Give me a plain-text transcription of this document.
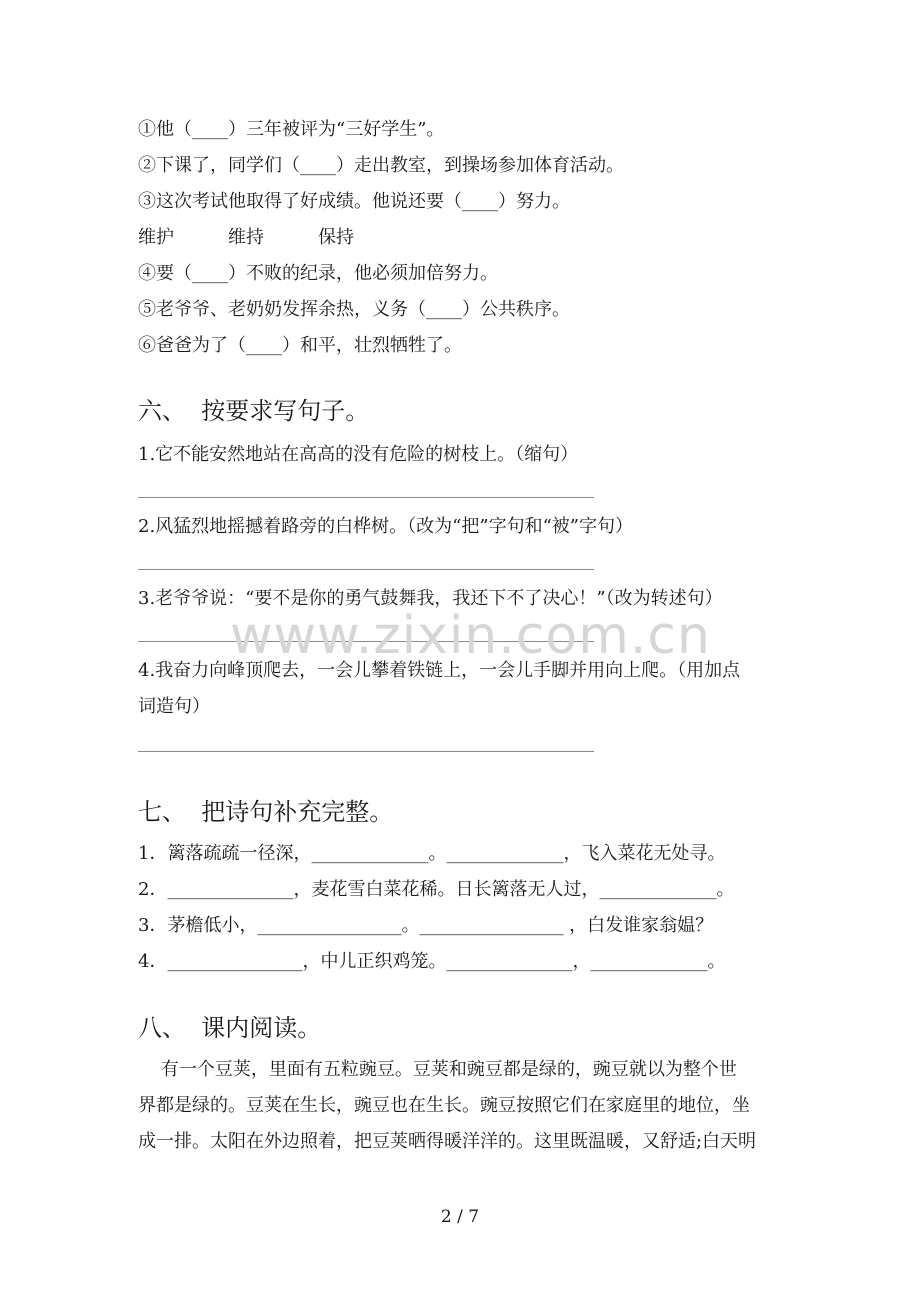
①他（____）三年被评为“三好学生”。
②下课了，同学们（____）走出教室，到操场参加体育活动。
③这次考试他取得了好成绩。他说还要（____）努力。
维护　　　维持　　　保持
④要（____）不败的纪录，他必须加倍努力。
⑤老爷爷、老奶奶发挥余热，义务（____）公共秩序。
⑥爸爸为了（____）和平，壮烈牺牲了。
六、  按要求写句子。
1.它不能安然地站在高高的没有危险的树枝上。（缩句）
2.风猛烈地摇撼着路旁的白桦树。（改为“把”字句和“被”字句）
3.老爷爷说：“要不是你的勇气鼓舞我，我还下不了决心！”（改为转述句）
4.我奋力向峰顶爬去，一会儿攀着铁链上，一会儿手脚并用向上爬。（用加点
词造句）
七、  把诗句补充完整。
1．篱落疏疏一径深，_____________。_____________，飞入菜花无处寻。
2．______________，麦花雪白菜花稀。日长篱落无人过，_____________。
3．茅檐低小，________________。________________ ，白发谁家翁媪？
4．_______________，中儿正织鸡笼。______________，_____________。
八、  课内阅读。
有一个豆荚，里面有五粒豌豆。豆荚和豌豆都是绿的，豌豆就以为整个世
界都是绿的。豆荚在生长，豌豆也在生长。豌豆按照它们在家庭里的地位，坐
成一排。太阳在外边照着，把豆荚晒得暖洋洋的。这里既温暖，又舒适;白天明
www.zixin.com.cn
2 / 7
